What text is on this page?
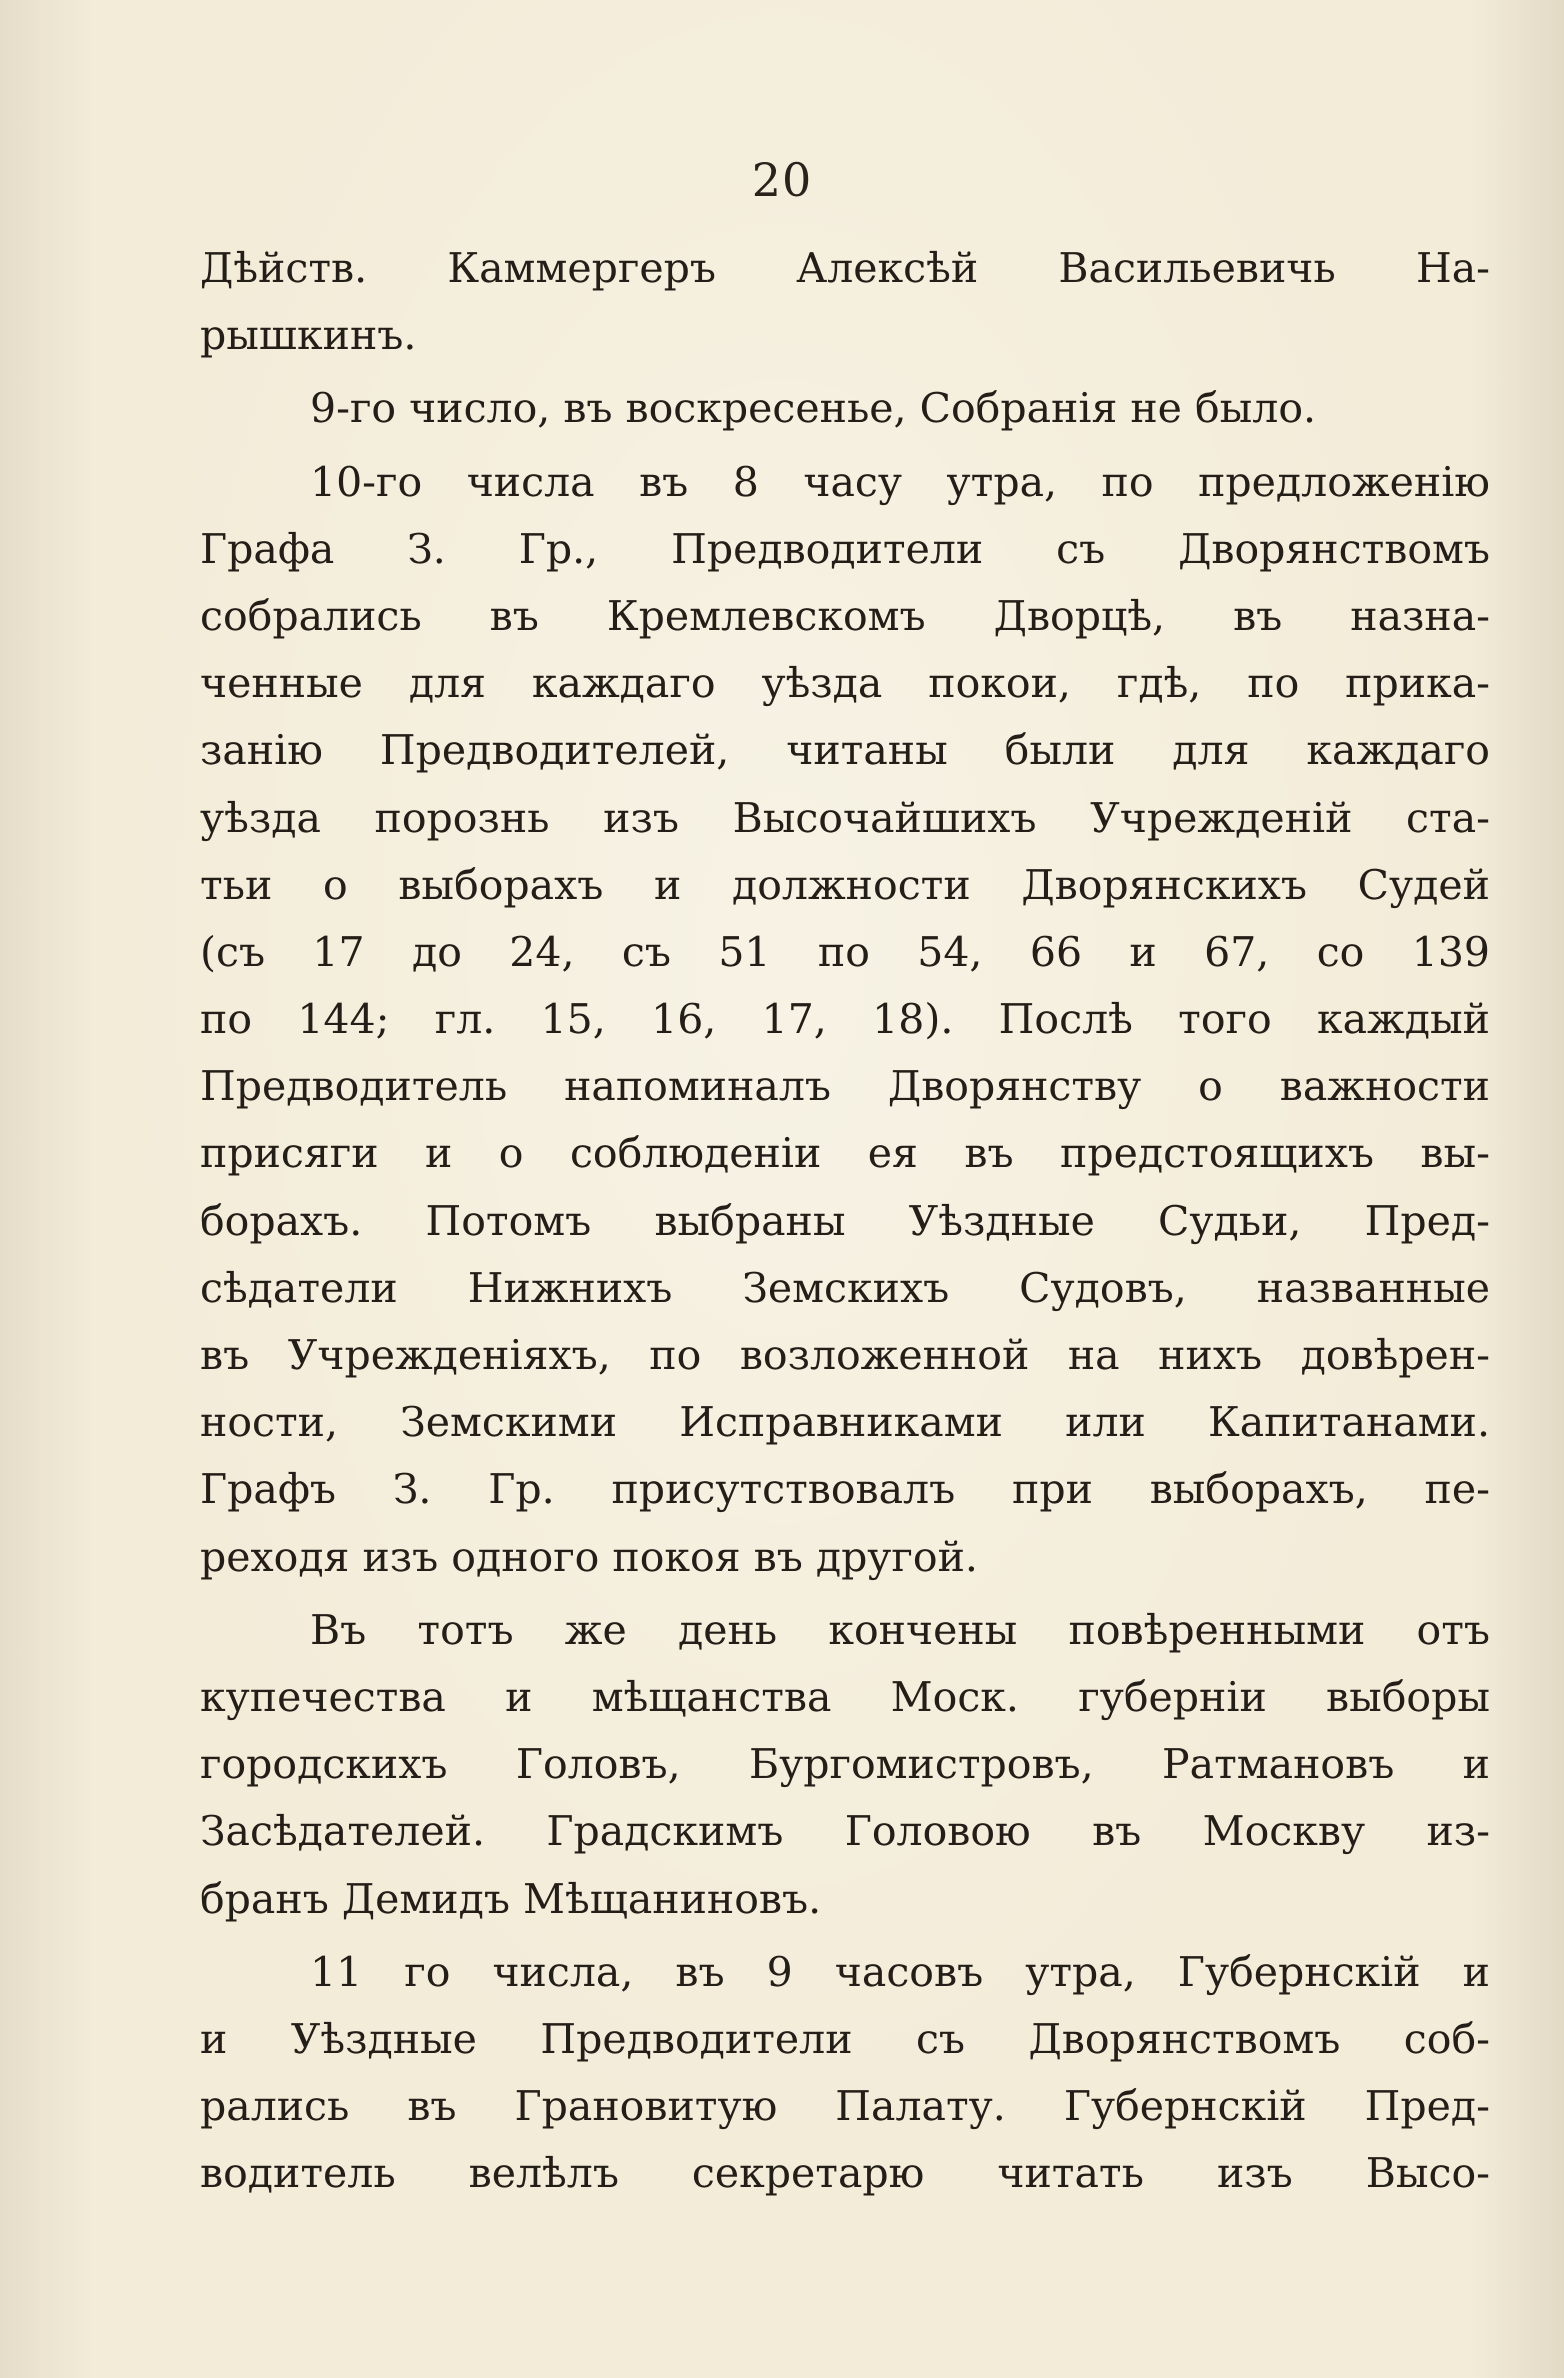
20
Дѣйств. Каммергеръ Алексѣй Васильевичь На-
рышкинъ.
9-го число, въ воскресенье, Собранія не было.
10-го числа въ 8 часу утра, по предложенію
Графа З. Гр., Предводители съ Дворянствомъ
собрались въ Кремлевскомъ Дворцѣ, въ назна-
ченные для каждаго уѣзда покои, гдѣ, по прика-
занію Предводителей, читаны были для каждаго
уѣзда порознь изъ Высочайшихъ Учрежденій ста-
тьи о выборахъ и должности Дворянскихъ Судей
(съ 17 до 24, съ 51 по 54, 66 и 67, со 139
по 144; гл. 15, 16, 17, 18). Послѣ того каждый
Предводитель напоминалъ Дворянству о важности
присяги и о соблюденіи ея въ предстоящихъ вы-
борахъ. Потомъ выбраны Уѣздные Судьи, Пред-
сѣдатели Нижнихъ Земскихъ Судовъ, названные
въ Учрежденіяхъ, по возложенной на нихъ довѣрен-
ности, Земскими Исправниками или Капитанами.
Графъ З. Гр. присутствовалъ при выборахъ, пе-
реходя изъ одного покоя въ другой.
Въ тотъ же день кончены повѣренными отъ
купечества и мѣщанства Моск. губерніи выборы
городскихъ Головъ, Бургомистровъ, Ратмановъ и
Засѣдателей. Градскимъ Головою въ Москву из-
бранъ Демидъ Мѣщаниновъ.
11 го числа, въ 9 часовъ утра, Губернскій и
и Уѣздные Предводители съ Дворянствомъ соб-
рались въ Грановитую Палату. Губернскій Пред-
водитель велѣлъ секретарю читать изъ Высо-
